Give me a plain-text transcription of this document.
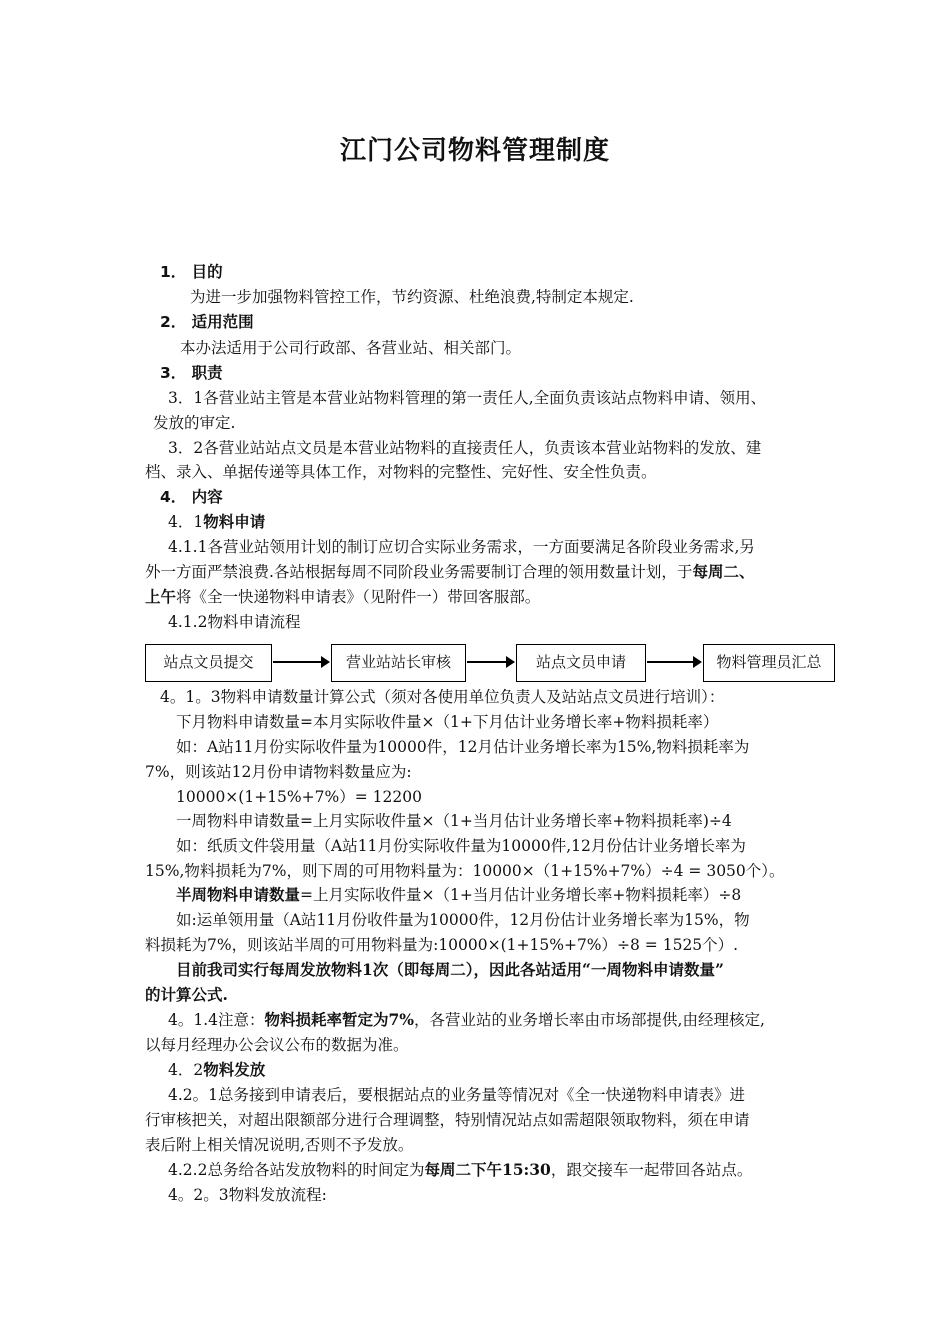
江门公司物料管理制度
1． 目的
为进一步加强物料管控工作，节约资源、杜绝浪费,特制定本规定.
2． 适用范围
本办法适用于公司行政部、各营业站、相关部门。
3． 职责
3．1各营业站主管是本营业站物料管理的第一责任人,全面负责该站点物料申请、领用、
发放的审定.
3．2各营业站站点文员是本营业站物料的直接责任人，负责该本营业站物料的发放、建
档、录入、单据传递等具体工作，对物料的完整性、完好性、安全性负责。
4． 内容
4．1物料申请
4.1.1各营业站领用计划的制订应切合实际业务需求，一方面要满足各阶段业务需求,另
外一方面严禁浪费.各站根据每周不同阶段业务需要制订合理的领用数量计划，于每周二、
上午将《全一快递物料申请表》（见附件一）带回客服部。
4.1.2物料申请流程
站点文员提交	营业站站长审核	站点文员申请	物料管理员汇总
4。1。3物料申请数量计算公式（须对各使用单位负责人及站站点文员进行培训）：
下月物料申请数量=本月实际收件量×（1+下月估计业务增长率+物料损耗率）
如：A站11月份实际收件量为10000件，12月估计业务增长率为15%,物料损耗率为
7%，则该站12月份申请物料数量应为:
10000×(1+15%+7%）= 12200
一周物料申请数量=上月实际收件量×（1+当月估计业务增长率+物料损耗率)÷4
如：纸质文件袋用量（A站11月份实际收件量为10000件,12月份估计业务增长率为
15%,物料损耗为7%，则下周的可用物料量为：10000×（1+15%+7%）÷4 = 3050个）。
半周物料申请数量=上月实际收件量×（1+当月估计业务增长率+物料损耗率）÷8
如:运单领用量（A站11月份收件量为10000件，12月份估计业务增长率为15%，物
料损耗为7%，则该站半周的可用物料量为:10000×(1+15%+7%）÷8 = 1525个）.
目前我司实行每周发放物料1次（即每周二），因此各站适用“一周物料申请数量”
的计算公式.
4。1.4注意：物料损耗率暂定为7%，各营业站的业务增长率由市场部提供,由经理核定,
以每月经理办公会议公布的数据为准。
4．2物料发放
4.2。1总务接到申请表后，要根据站点的业务量等情况对《全一快递物料申请表》进
行审核把关，对超出限额部分进行合理调整，特别情况站点如需超限领取物料，须在申请
表后附上相关情况说明,否则不予发放。
4.2.2总务给各站发放物料的时间定为每周二下午15:30，跟交接车一起带回各站点。
4。2。3物料发放流程:
